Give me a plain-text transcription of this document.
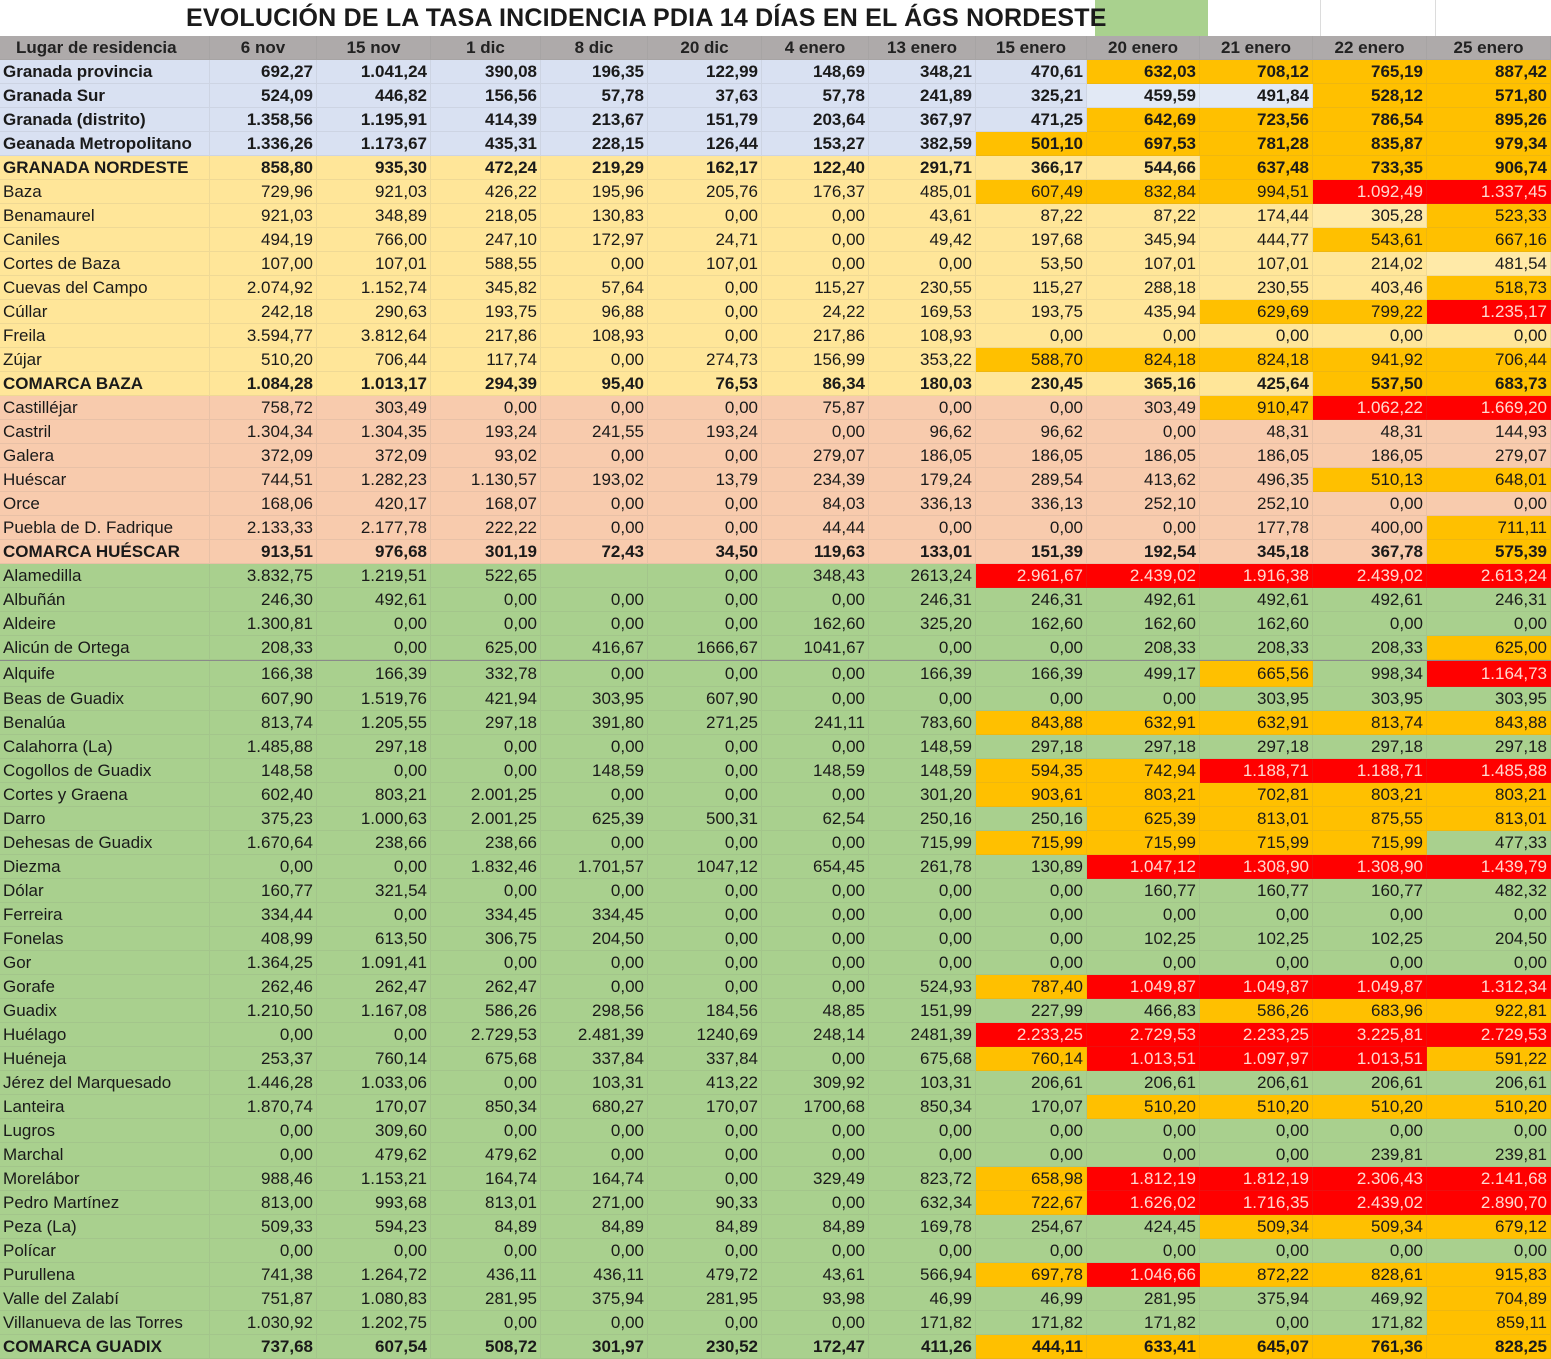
EVOLUCIÓN DE LA TASA INCIDENCIA PDIA 14 DÍAS EN EL ÁGS NORDESTE
Lugar de residencia	6 nov	15 nov	1 dic	8 dic	20 dic	4 enero	13 enero	15 enero	20 enero	21 enero	22 enero	25 enero
Granada provincia	692,27	1.041,24	390,08	196,35	122,99	148,69	348,21	470,61	632,03	708,12	765,19	887,42
Granada Sur	524,09	446,82	156,56	57,78	37,63	57,78	241,89	325,21	459,59	491,84	528,12	571,80
Granada (distrito)	1.358,56	1.195,91	414,39	213,67	151,79	203,64	367,97	471,25	642,69	723,56	786,54	895,26
Geanada Metropolitano	1.336,26	1.173,67	435,31	228,15	126,44	153,27	382,59	501,10	697,53	781,28	835,87	979,34
GRANADA NORDESTE	858,80	935,30	472,24	219,29	162,17	122,40	291,71	366,17	544,66	637,48	733,35	906,74
Baza	729,96	921,03	426,22	195,96	205,76	176,37	485,01	607,49	832,84	994,51	1.092,49	1.337,45
Benamaurel	921,03	348,89	218,05	130,83	0,00	0,00	43,61	87,22	87,22	174,44	305,28	523,33
Caniles	494,19	766,00	247,10	172,97	24,71	0,00	49,42	197,68	345,94	444,77	543,61	667,16
Cortes de Baza	107,00	107,01	588,55	0,00	107,01	0,00	0,00	53,50	107,01	107,01	214,02	481,54
Cuevas del Campo	2.074,92	1.152,74	345,82	57,64	0,00	115,27	230,55	115,27	288,18	230,55	403,46	518,73
Cúllar	242,18	290,63	193,75	96,88	0,00	24,22	169,53	193,75	435,94	629,69	799,22	1.235,17
Freila	3.594,77	3.812,64	217,86	108,93	0,00	217,86	108,93	0,00	0,00	0,00	0,00	0,00
Zújar	510,20	706,44	117,74	0,00	274,73	156,99	353,22	588,70	824,18	824,18	941,92	706,44
COMARCA BAZA	1.084,28	1.013,17	294,39	95,40	76,53	86,34	180,03	230,45	365,16	425,64	537,50	683,73
Castilléjar	758,72	303,49	0,00	0,00	0,00	75,87	0,00	0,00	303,49	910,47	1.062,22	1.669,20
Castril	1.304,34	1.304,35	193,24	241,55	193,24	0,00	96,62	96,62	0,00	48,31	48,31	144,93
Galera	372,09	372,09	93,02	0,00	0,00	279,07	186,05	186,05	186,05	186,05	186,05	279,07
Huéscar	744,51	1.282,23	1.130,57	193,02	13,79	234,39	179,24	289,54	413,62	496,35	510,13	648,01
Orce	168,06	420,17	168,07	0,00	0,00	84,03	336,13	336,13	252,10	252,10	0,00	0,00
Puebla de D. Fadrique	2.133,33	2.177,78	222,22	0,00	0,00	44,44	0,00	0,00	0,00	177,78	400,00	711,11
COMARCA HUÉSCAR	913,51	976,68	301,19	72,43	34,50	119,63	133,01	151,39	192,54	345,18	367,78	575,39
Alamedilla	3.832,75	1.219,51	522,65		0,00	348,43	2613,24	2.961,67	2.439,02	1.916,38	2.439,02	2.613,24
Albuñán	246,30	492,61	0,00	0,00	0,00	0,00	246,31	246,31	492,61	492,61	492,61	246,31
Aldeire	1.300,81	0,00	0,00	0,00	0,00	162,60	325,20	162,60	162,60	162,60	0,00	0,00
Alicún de Ortega	208,33	0,00	625,00	416,67	1666,67	1041,67	0,00	0,00	208,33	208,33	208,33	625,00
Alquife	166,38	166,39	332,78	0,00	0,00	0,00	166,39	166,39	499,17	665,56	998,34	1.164,73
Beas de Guadix	607,90	1.519,76	421,94	303,95	607,90	0,00	0,00	0,00	0,00	303,95	303,95	303,95
Benalúa	813,74	1.205,55	297,18	391,80	271,25	241,11	783,60	843,88	632,91	632,91	813,74	843,88
Calahorra (La)	1.485,88	297,18	0,00	0,00	0,00	0,00	148,59	297,18	297,18	297,18	297,18	297,18
Cogollos de Guadix	148,58	0,00	0,00	148,59	0,00	148,59	148,59	594,35	742,94	1.188,71	1.188,71	1.485,88
Cortes y Graena	602,40	803,21	2.001,25	0,00	0,00	0,00	301,20	903,61	803,21	702,81	803,21	803,21
Darro	375,23	1.000,63	2.001,25	625,39	500,31	62,54	250,16	250,16	625,39	813,01	875,55	813,01
Dehesas de Guadix	1.670,64	238,66	238,66	0,00	0,00	0,00	715,99	715,99	715,99	715,99	715,99	477,33
Diezma	0,00	0,00	1.832,46	1.701,57	1047,12	654,45	261,78	130,89	1.047,12	1.308,90	1.308,90	1.439,79
Dólar	160,77	321,54	0,00	0,00	0,00	0,00	0,00	0,00	160,77	160,77	160,77	482,32
Ferreira	334,44	0,00	334,45	334,45	0,00	0,00	0,00	0,00	0,00	0,00	0,00	0,00
Fonelas	408,99	613,50	306,75	204,50	0,00	0,00	0,00	0,00	102,25	102,25	102,25	204,50
Gor	1.364,25	1.091,41	0,00	0,00	0,00	0,00	0,00	0,00	0,00	0,00	0,00	0,00
Gorafe	262,46	262,47	262,47	0,00	0,00	0,00	524,93	787,40	1.049,87	1.049,87	1.049,87	1.312,34
Guadix	1.210,50	1.167,08	586,26	298,56	184,56	48,85	151,99	227,99	466,83	586,26	683,96	922,81
Huélago	0,00	0,00	2.729,53	2.481,39	1240,69	248,14	2481,39	2.233,25	2.729,53	2.233,25	3.225,81	2.729,53
Huéneja	253,37	760,14	675,68	337,84	337,84	0,00	675,68	760,14	1.013,51	1.097,97	1.013,51	591,22
Jérez del Marquesado	1.446,28	1.033,06	0,00	103,31	413,22	309,92	103,31	206,61	206,61	206,61	206,61	206,61
Lanteira	1.870,74	170,07	850,34	680,27	170,07	1700,68	850,34	170,07	510,20	510,20	510,20	510,20
Lugros	0,00	309,60	0,00	0,00	0,00	0,00	0,00	0,00	0,00	0,00	0,00	0,00
Marchal	0,00	479,62	479,62	0,00	0,00	0,00	0,00	0,00	0,00	0,00	239,81	239,81
Morelábor	988,46	1.153,21	164,74	164,74	0,00	329,49	823,72	658,98	1.812,19	1.812,19	2.306,43	2.141,68
Pedro Martínez	813,00	993,68	813,01	271,00	90,33	0,00	632,34	722,67	1.626,02	1.716,35	2.439,02	2.890,70
Peza (La)	509,33	594,23	84,89	84,89	84,89	84,89	169,78	254,67	424,45	509,34	509,34	679,12
Polícar	0,00	0,00	0,00	0,00	0,00	0,00	0,00	0,00	0,00	0,00	0,00	0,00
Purullena	741,38	1.264,72	436,11	436,11	479,72	43,61	566,94	697,78	1.046,66	872,22	828,61	915,83
Valle del Zalabí	751,87	1.080,83	281,95	375,94	281,95	93,98	46,99	46,99	281,95	375,94	469,92	704,89
Villanueva de las Torres	1.030,92	1.202,75	0,00	0,00	0,00	0,00	171,82	171,82	171,82	0,00	171,82	859,11
COMARCA GUADIX	737,68	607,54	508,72	301,97	230,52	172,47	411,26	444,11	633,41	645,07	761,36	828,25
